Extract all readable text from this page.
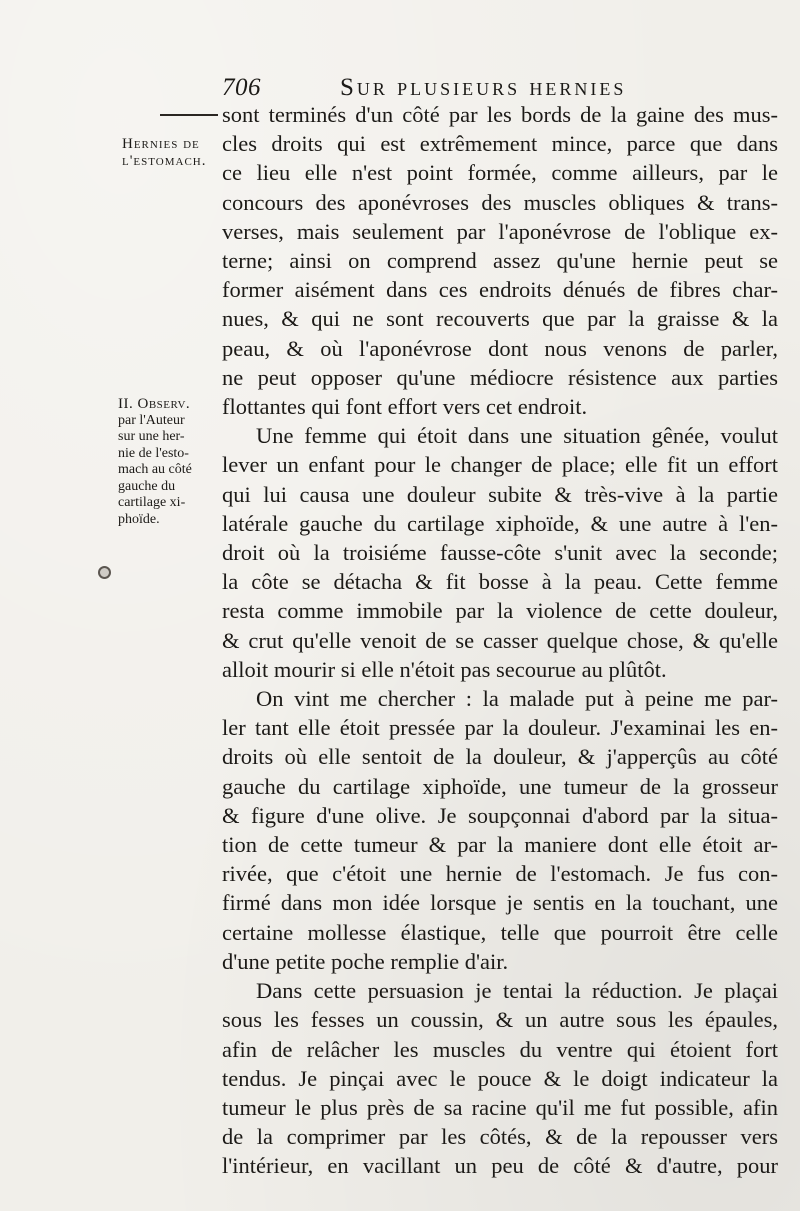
706	Sur plusieurs hernies
Hernies de
l'estomach.
II. Observ.
par l'Auteur
sur une her-
nie de l'esto-
mach au côté
gauche du
cartilage xi-
phoïde.
sont terminés d'un côté par les bords de la gaine des mus-
cles droits qui est extrêmement mince, parce que dans
ce lieu elle n'est point formée, comme ailleurs, par le
concours des aponévroses des muscles obliques & trans-
verses, mais seulement par l'aponévrose de l'oblique ex-
terne; ainsi on comprend assez qu'une hernie peut se
former aisément dans ces endroits dénués de fibres char-
nues, & qui ne sont recouverts que par la graisse & la
peau, & où l'aponévrose dont nous venons de parler,
ne peut opposer qu'une médiocre résistence aux parties
flottantes qui font effort vers cet endroit.
Une femme qui étoit dans une situation gênée, voulut
lever un enfant pour le changer de place; elle fit un effort
qui lui causa une douleur subite & très-vive à la partie
latérale gauche du cartilage xiphoïde, & une autre à l'en-
droit où la troisiéme fausse-côte s'unit avec la seconde;
la côte se détacha & fit bosse à la peau. Cette femme
resta comme immobile par la violence de cette douleur,
& crut qu'elle venoit de se casser quelque chose, & qu'elle
alloit mourir si elle n'étoit pas secourue au plûtôt.
On vint me chercher : la malade put à peine me par-
ler tant elle étoit pressée par la douleur. J'examinai les en-
droits où elle sentoit de la douleur, & j'apperçûs au côté
gauche du cartilage xiphoïde, une tumeur de la grosseur
& figure d'une olive. Je soupçonnai d'abord par la situa-
tion de cette tumeur & par la maniere dont elle étoit ar-
rivée, que c'étoit une hernie de l'estomach. Je fus con-
firmé dans mon idée lorsque je sentis en la touchant, une
certaine mollesse élastique, telle que pourroit être celle
d'une petite poche remplie d'air.
Dans cette persuasion je tentai la réduction. Je plaçai
sous les fesses un coussin, & un autre sous les épaules,
afin de relâcher les muscles du ventre qui étoient fort
tendus. Je pinçai avec le pouce & le doigt indicateur la
tumeur le plus près de sa racine qu'il me fut possible, afin
de la comprimer par les côtés, & de la repousser vers
l'intérieur, en vacillant un peu de côté & d'autre, pour
